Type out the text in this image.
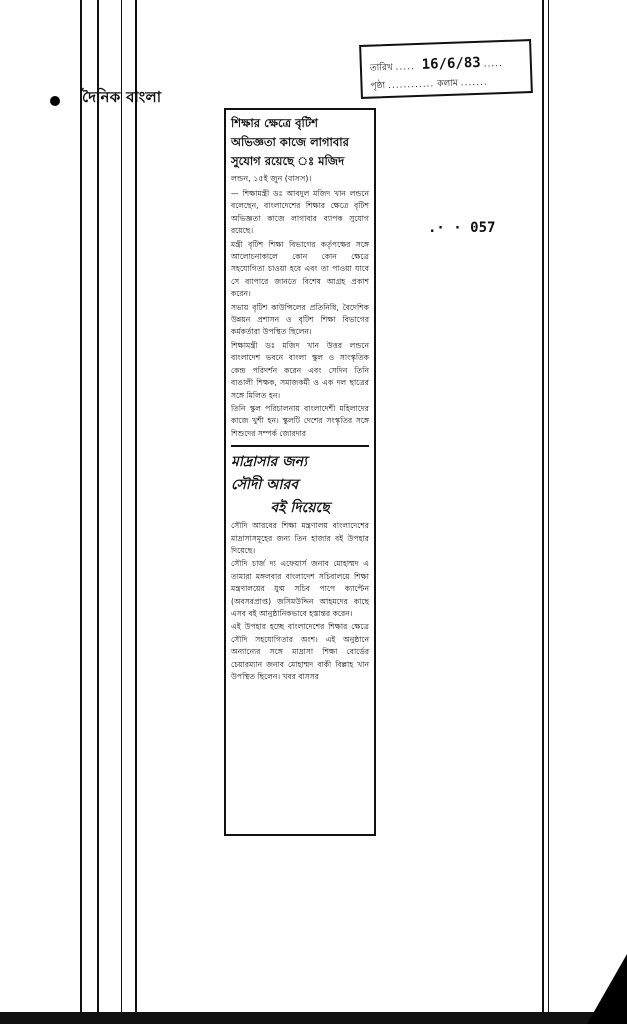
দৈনিক বাংলা
তারিখ ..... 16/6/83 .....
পৃষ্ঠা ............ কলাম .......
.· · 057
শিক্ষার ক্ষেত্রে বৃটিশ
অভিজ্ঞতা কাজে লাগাবার
সুযোগ রয়েছে ঃ মজিদ
লন্ডন, ১৫ই জুন (বাসস)।

— শিক্ষামন্ত্রী ডঃ আবদুল মজিদ খান লন্ডনে বলেছেন, বাংলাদেশের শিক্ষার ক্ষেত্রে বৃটিশ অভিজ্ঞতা কাজে লাগাবার ব্যাপক সুযোগ রয়েছে।

মন্ত্রী বৃটিশ শিক্ষা বিভাগের কর্তৃপক্ষের সঙ্গে আলোচনাকালে কোন কোন ক্ষেত্রে সহযোগিতা চাওয়া হবে এবং তা পাওয়া যাবে সে ব্যাপারে জানতে বিশেষ আগ্রহ প্রকাশ করেন।

সভায় বৃটিশ কাউন্সিলের প্রতিনিধি, বৈদেশিক উন্নয়ন প্রশাসন ও বৃটিশ শিক্ষা বিভাগের কর্মকর্তারা উপস্থিত ছিলেন।

শিক্ষামন্ত্রী ডঃ মজিদ খান উত্তর লন্ডনে বাংলাদেশ ভবনে বাংলা স্কুল ও সাংস্কৃতিক কেন্দ্র পরিদর্শন করেন এবং সেদিন তিনি বাঙালী শিক্ষক, সমাজকর্মী ও এক দল ছাত্রের সঙ্গে মিলিত হন।

তিনি স্কুল পরিচালনায় বাংলাদেশী মহিলাদের কাজে খুশী হন। স্কুলটি দেশের সংস্কৃতির সঙ্গে শিশুদের সম্পর্ক জোরদার

মাদ্রাসার জন্য
সৌদী আরব
বই দিয়েছে

সৌদি আরবের শিক্ষা মন্ত্রণালয় বাংলাদেশের মাদ্রাসাসমূহের জন্য তিন হাজার বই উপহার দিয়েছে।

সৌদি চার্জ দ্য এফেয়ার্স জনাব মোহাম্মদ এ তামারা মঙ্গলবার বাংলাদেশ সচিবালয়ে শিক্ষা মন্ত্রণালয়ের যুগ্ম সচিব পাপে ক্যাপ্টেন (অবসরপ্রাপ্ত) জসিমউদ্দিন আহমদের কাছে এসব বই আনুষ্ঠানিকভাবে হস্তান্তর করেন।

এই উপহার হচ্ছে বাংলাদেশের শিক্ষার ক্ষেত্রে সৌদি সহযোগিতার অংশ। এই অনুষ্ঠানে অন্যান্যের সঙ্গে মাদ্রাসা শিক্ষা বোর্ডের চেয়ারম্যান জনাব মোহাম্মদ বাকী বিল্লাহ খান উপস্থিত ছিলেন। খবর বাসসর
